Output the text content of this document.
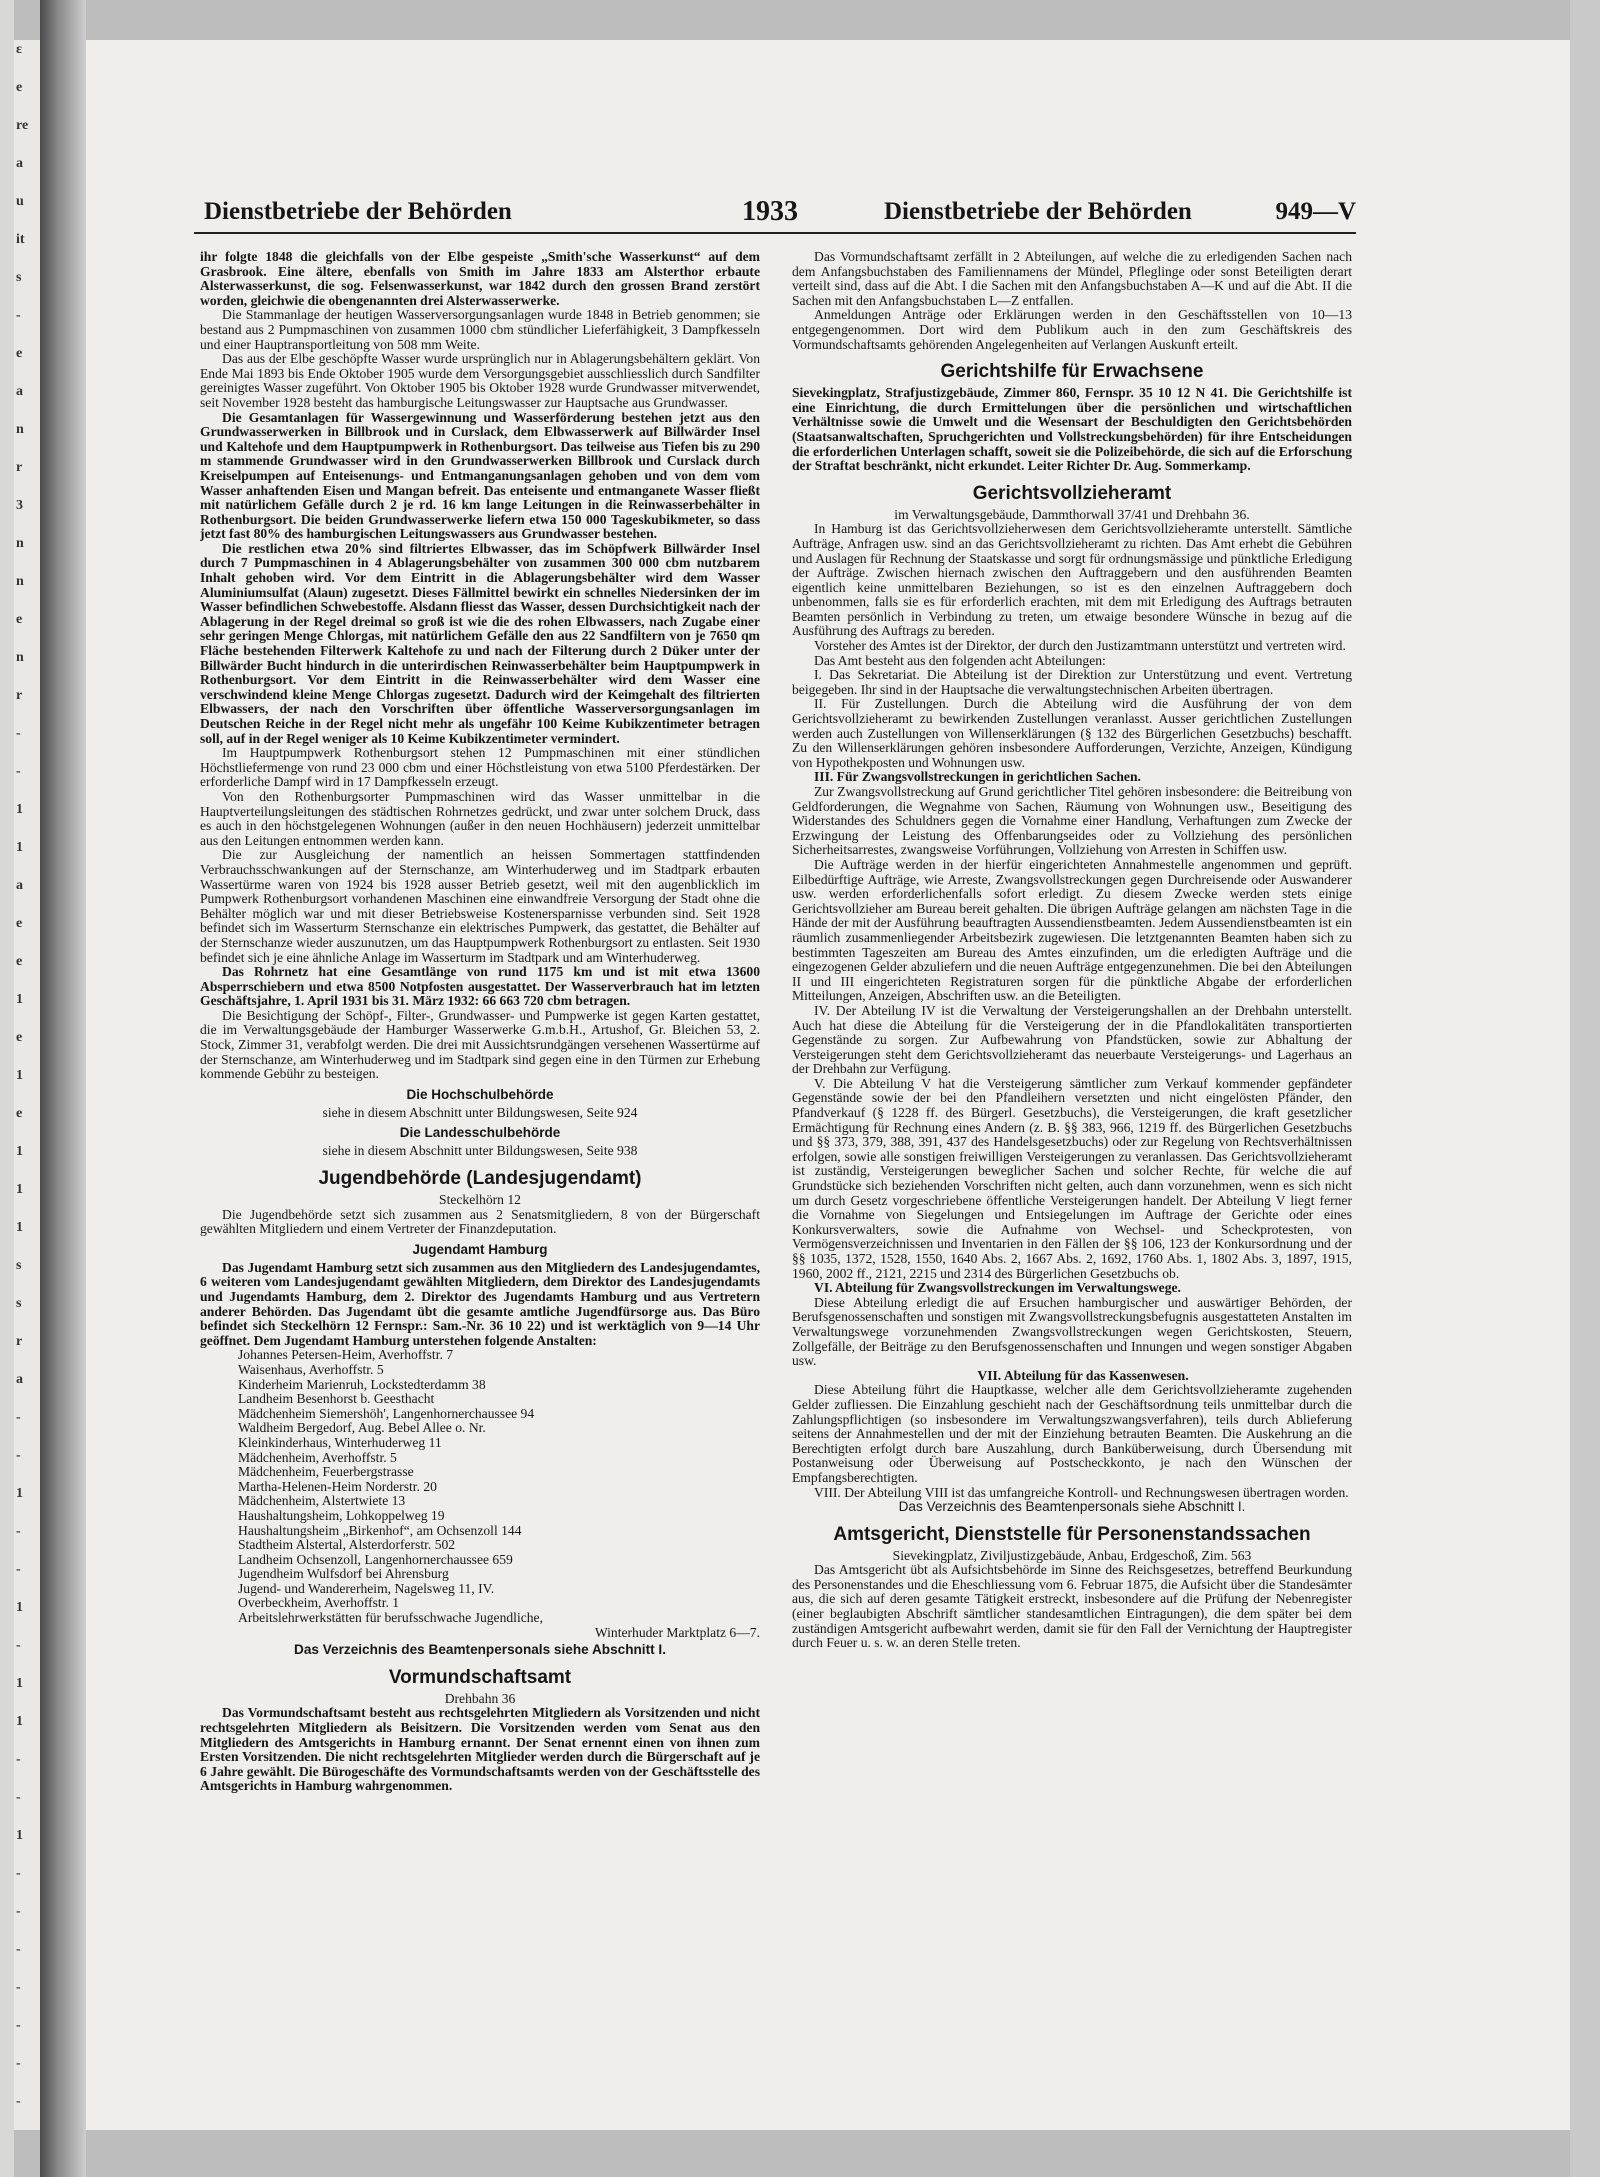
ε
e
re
a
u
it
s
-
e
a
n
r
3
n
n
e
n
r
-
-
1
1
a
e
e
1
e
1
e
1
1
1
s
s
r
a
-
-
1
-
-
1
-
1
1
-
-
1
-
-
-
-
-
-
-
Dienstbetriebe der Behörden	1933	Dienstbetriebe der Behörden	949—V

ihr folgte 1848 die gleichfalls von der Elbe gespeiste „Smith'sche Wasserkunst“ auf dem Grasbrook. Eine ältere, ebenfalls von Smith im Jahre 1833 am Alsterthor erbaute Alsterwasserkunst, die sog. Felsenwasserkunst, war 1842 durch den grossen Brand zerstört worden, gleichwie die obengenannten drei Alsterwasserwerke.

Die Stammanlage der heutigen Wasserversorgungsanlagen wurde 1848 in Betrieb genommen; sie bestand aus 2 Pumpmaschinen von zusammen 1000 cbm stündlicher Lieferfähigkeit, 3 Dampfkesseln und einer Hauptransportleitung von 508 mm Weite.

Das aus der Elbe geschöpfte Wasser wurde ursprünglich nur in Ablagerungsbehältern geklärt. Von Ende Mai 1893 bis Ende Oktober 1905 wurde dem Versorgungsgebiet ausschliesslich durch Sandfilter gereinigtes Wasser zugeführt. Von Oktober 1905 bis Oktober 1928 wurde Grundwasser mitverwendet, seit November 1928 besteht das hamburgische Leitungswasser zur Hauptsache aus Grundwasser.

Die Gesamtanlagen für Wassergewinnung und Wasserförderung bestehen jetzt aus den Grundwasserwerken in Billbrook und in Curslack, dem Elbwasserwerk auf Billwärder Insel und Kaltehofe und dem Hauptpumpwerk in Rothenburgsort. Das teilweise aus Tiefen bis zu 290 m stammende Grundwasser wird in den Grundwasserwerken Billbrook und Curslack durch Kreiselpumpen auf Enteisenungs- und Entmanganungsanlagen gehoben und von dem vom Wasser anhaftenden Eisen und Mangan befreit. Das enteisente und entmanganete Wasser fließt mit natürlichem Gefälle durch 2 je rd. 16 km lange Leitungen in die Reinwasserbehälter in Rothenburgsort. Die beiden Grundwasserwerke liefern etwa 150 000 Tageskubikmeter, so dass jetzt fast 80% des hamburgischen Leitungswassers aus Grundwasser bestehen.

Die restlichen etwa 20% sind filtriertes Elbwasser, das im Schöpfwerk Billwärder Insel durch 7 Pumpmaschinen in 4 Ablagerungsbehälter von zusammen 300 000 cbm nutzbarem Inhalt gehoben wird. Vor dem Eintritt in die Ablagerungsbehälter wird dem Wasser Aluminiumsulfat (Alaun) zugesetzt. Dieses Fällmittel bewirkt ein schnelles Niedersinken der im Wasser befindlichen Schwebestoffe. Alsdann fliesst das Wasser, dessen Durchsichtigkeit nach der Ablagerung in der Regel dreimal so groß ist wie die des rohen Elbwassers, nach Zugabe einer sehr geringen Menge Chlorgas, mit natürlichem Gefälle den aus 22 Sandfiltern von je 7650 qm Fläche bestehenden Filterwerk Kaltehofe zu und nach der Filterung durch 2 Düker unter der Billwärder Bucht hindurch in die unterirdischen Reinwasserbehälter beim Hauptpumpwerk in Rothenburgsort. Vor dem Eintritt in die Reinwasserbehälter wird dem Wasser eine verschwindend kleine Menge Chlorgas zugesetzt. Dadurch wird der Keimgehalt des filtrierten Elbwassers, der nach den Vorschriften über öffentliche Wasserversorgungsanlagen im Deutschen Reiche in der Regel nicht mehr als ungefähr 100 Keime Kubikzentimeter betragen soll, auf in der Regel weniger als 10 Keime Kubikzentimeter vermindert.

Im Hauptpumpwerk Rothenburgsort stehen 12 Pumpmaschinen mit einer stündlichen Höchstliefermenge von rund 23 000 cbm und einer Höchstleistung von etwa 5100 Pferdestärken. Der erforderliche Dampf wird in 17 Dampfkesseln erzeugt.

Von den Rothenburgsorter Pumpmaschinen wird das Wasser unmittelbar in die Hauptverteilungsleitungen des städtischen Rohrnetzes gedrückt, und zwar unter solchem Druck, dass es auch in den höchstgelegenen Wohnungen (außer in den neuen Hochhäusern) jederzeit unmittelbar aus den Leitungen entnommen werden kann.

Die zur Ausgleichung der namentlich an heissen Sommertagen stattfindenden Verbrauchsschwankungen auf der Sternschanze, am Winterhuderweg und im Stadtpark erbauten Wassertürme waren von 1924 bis 1928 ausser Betrieb gesetzt, weil mit den augenblicklich im Pumpwerk Rothenburgsort vorhandenen Maschinen eine einwandfreie Versorgung der Stadt ohne die Behälter möglich war und mit dieser Betriebsweise Kostenersparnisse verbunden sind. Seit 1928 befindet sich im Wasserturm Sternschanze ein elektrisches Pumpwerk, das gestattet, die Behälter auf der Sternschanze wieder auszunutzen, um das Hauptpumpwerk Rothenburgsort zu entlasten. Seit 1930 befindet sich je eine ähnliche Anlage im Wasserturm im Stadtpark und am Winterhuderweg.

Das Rohrnetz hat eine Gesamtlänge von rund 1175 km und ist mit etwa 13600 Absperrschiebern und etwa 8500 Notpfosten ausgestattet. Der Wasserverbrauch hat im letzten Geschäftsjahre, 1. April 1931 bis 31. März 1932: 66 663 720 cbm betragen.

Die Besichtigung der Schöpf-, Filter-, Grundwasser- und Pumpwerke ist gegen Karten gestattet, die im Verwaltungsgebäude der Hamburger Wasserwerke G.m.b.H., Artushof, Gr. Bleichen 53, 2. Stock, Zimmer 31, verabfolgt werden. Die drei mit Aussichtsrundgängen versehenen Wassertürme auf der Sternschanze, am Winterhuderweg und im Stadtpark sind gegen eine in den Türmen zur Erhebung kommende Gebühr zu besteigen.

Die Hochschulbehörde
siehe in diesem Abschnitt unter Bildungswesen, Seite 924
Die Landesschulbehörde
siehe in diesem Abschnitt unter Bildungswesen, Seite 938
Jugendbehörde (Landesjugendamt)
Steckelhörn 12

Die Jugendbehörde setzt sich zusammen aus 2 Senatsmitgliedern, 8 von der Bürgerschaft gewählten Mitgliedern und einem Vertreter der Finanzdeputation.

Jugendamt Hamburg

Das Jugendamt Hamburg setzt sich zusammen aus den Mitgliedern des Landesjugendamtes, 6 weiteren vom Landesjugendamt gewählten Mitgliedern, dem Direktor des Landesjugendamts und Jugendamts Hamburg, dem 2. Direktor des Jugendamts Hamburg und aus Vertretern anderer Behörden. Das Jugendamt übt die gesamte amtliche Jugendfürsorge aus. Das Büro befindet sich Steckelhörn 12 Fernspr.: Sam.-Nr. 36 10 22) und ist werktäglich von 9—14 Uhr geöffnet. Dem Jugendamt Hamburg unterstehen folgende Anstalten:

Johannes Petersen-Heim, Averhoffstr. 7
Waisenhaus, Averhoffstr. 5
Kinderheim Marienruh, Lockstedterdamm 38
Landheim Besenhorst b. Geesthacht
Mädchenheim Siemershöh', Langenhornerchaussee 94
Waldheim Bergedorf, Aug. Bebel Allee o. Nr.
Kleinkinderhaus, Winterhuderweg 11
Mädchenheim, Averhoffstr. 5
Mädchenheim, Feuerbergstrasse
Martha-Helenen-Heim Norderstr. 20
Mädchenheim, Alstertwiete 13
Haushaltungsheim, Lohkoppelweg 19
Haushaltungsheim „Birkenhof“, am Ochsenzoll 144
Stadtheim Alstertal, Alsterdorferstr. 502
Landheim Ochsenzoll, Langenhornerchaussee 659
Jugendheim Wulfsdorf bei Ahrensburg
Jugend- und Wandererheim, Nagelsweg 11, IV.
Overbeckheim, Averhoffstr. 1
Arbeitslehrwerkstätten für berufsschwache Jugendliche,
Winterhuder Marktplatz 6—7.
Das Verzeichnis des Beamtenpersonals siehe Abschnitt I.
Vormundschaftsamt
Drehbahn 36

Das Vormundschaftsamt besteht aus rechtsgelehrten Mitgliedern als Vorsitzenden und nicht rechtsgelehrten Mitgliedern als Beisitzern. Die Vorsitzenden werden vom Senat aus den Mitgliedern des Amtsgerichts in Hamburg ernannt. Der Senat ernennt einen von ihnen zum Ersten Vorsitzenden. Die nicht rechtsgelehrten Mitglieder werden durch die Bürgerschaft auf je 6 Jahre gewählt. Die Bürogeschäfte des Vormundschaftsamts werden von der Geschäftsstelle des Amtsgerichts in Hamburg wahrgenommen.

Das Vormundschaftsamt zerfällt in 2 Abteilungen, auf welche die zu erledigenden Sachen nach dem Anfangsbuchstaben des Familiennamens der Mündel, Pfleglinge oder sonst Beteiligten derart verteilt sind, dass auf die Abt. I die Sachen mit den Anfangsbuchstaben A—K und auf die Abt. II die Sachen mit den Anfangsbuchstaben L—Z entfallen.

Anmeldungen Anträge oder Erklärungen werden in den Geschäftsstellen von 10—13 entgegengenommen. Dort wird dem Publikum auch in den zum Geschäftskreis des Vormundschaftsamts gehörenden Angelegenheiten auf Verlangen Auskunft erteilt.

Gerichtshilfe für Erwachsene

Sievekingplatz, Strafjustizgebäude, Zimmer 860, Fernspr. 35 10 12 N 41. Die Gerichtshilfe ist eine Einrichtung, die durch Ermittelungen über die persönlichen und wirtschaftlichen Verhältnisse sowie die Umwelt und die Wesensart der Beschuldigten den Gerichtsbehörden (Staatsanwaltschaften, Spruchgerichten und Vollstreckungsbehörden) für ihre Entscheidungen die erforderlichen Unterlagen schafft, soweit sie die Polizeibehörde, die sich auf die Erforschung der Straftat beschränkt, nicht erkundet. Leiter Richter Dr. Aug. Sommerkamp.

Gerichtsvollzieheramt
im Verwaltungsgebäude, Dammthorwall 37/41 und Drehbahn 36.

In Hamburg ist das Gerichtsvollzieherwesen dem Gerichtsvollzieheramte unterstellt. Sämtliche Aufträge, Anfragen usw. sind an das Gerichtsvollzieheramt zu richten. Das Amt erhebt die Gebühren und Auslagen für Rechnung der Staatskasse und sorgt für ordnungsmässige und pünktliche Erledigung der Aufträge. Zwischen hiernach zwischen den Auftraggebern und den ausführenden Beamten eigentlich keine unmittelbaren Beziehungen, so ist es den einzelnen Auftraggebern doch unbenommen, falls sie es für erforderlich erachten, mit dem mit Erledigung des Auftrags betrauten Beamten persönlich in Verbindung zu treten, um etwaige besondere Wünsche in bezug auf die Ausführung des Auftrags zu bereden.

Vorsteher des Amtes ist der Direktor, der durch den Justizamtmann unterstützt und vertreten wird.

Das Amt besteht aus den folgenden acht Abteilungen:

I. Das Sekretariat. Die Abteilung ist der Direktion zur Unterstützung und event. Vertretung beigegeben. Ihr sind in der Hauptsache die verwaltungstechnischen Arbeiten übertragen.

II. Für Zustellungen. Durch die Abteilung wird die Ausführung der von dem Gerichtsvollzieheramt zu bewirkenden Zustellungen veranlasst. Ausser gerichtlichen Zustellungen werden auch Zustellungen von Willenserklärungen (§ 132 des Bürgerlichen Gesetzbuchs) beschafft. Zu den Willenserklärungen gehören insbesondere Aufforderungen, Verzichte, Anzeigen, Kündigung von Hypothekposten und Wohnungen usw.

III. Für Zwangsvollstreckungen in gerichtlichen Sachen.

Zur Zwangsvollstreckung auf Grund gerichtlicher Titel gehören insbesondere: die Beitreibung von Geldforderungen, die Wegnahme von Sachen, Räumung von Wohnungen usw., Beseitigung des Widerstandes des Schuldners gegen die Vornahme einer Handlung, Verhaftungen zum Zwecke der Erzwingung der Leistung des Offenbarungseides oder zu Vollziehung des persönlichen Sicherheitsarrestes, zwangsweise Vorführungen, Vollziehung von Arresten in Schiffen usw.

Die Aufträge werden in der hierfür eingerichteten Annahmestelle angenommen und geprüft. Eilbedürftige Aufträge, wie Arreste, Zwangsvollstreckungen gegen Durchreisende oder Auswanderer usw. werden erforderlichenfalls sofort erledigt. Zu diesem Zwecke werden stets einige Gerichtsvollzieher am Bureau bereit gehalten. Die übrigen Aufträge gelangen am nächsten Tage in die Hände der mit der Ausführung beauftragten Aussendienstbeamten. Jedem Aussendienstbeamten ist ein räumlich zusammenliegender Arbeitsbezirk zugewiesen. Die letztgenannten Beamten haben sich zu bestimmten Tageszeiten am Bureau des Amtes einzufinden, um die erledigten Aufträge und die eingezogenen Gelder abzuliefern und die neuen Aufträge entgegenzunehmen. Die bei den Abteilungen II und III eingerichteten Registraturen sorgen für die pünktliche Abgabe der erforderlichen Mitteilungen, Anzeigen, Abschriften usw. an die Beteiligten.

IV. Der Abteilung IV ist die Verwaltung der Versteigerungshallen an der Drehbahn unterstellt. Auch hat diese die Abteilung für die Versteigerung der in die Pfandlokalitäten transportierten Gegenstände zu sorgen. Zur Aufbewahrung von Pfandstücken, sowie zur Abhaltung der Versteigerungen steht dem Gerichtsvollzieheramt das neuerbaute Versteigerungs- und Lagerhaus an der Drehbahn zur Verfügung.

V. Die Abteilung V hat die Versteigerung sämtlicher zum Verkauf kommender gepfändeter Gegenstände sowie der bei den Pfandleihern versetzten und nicht eingelösten Pfänder, den Pfandverkauf (§ 1228 ff. des Bürgerl. Gesetzbuchs), die Versteigerungen, die kraft gesetzlicher Ermächtigung für Rechnung eines Andern (z. B. §§ 383, 966, 1219 ff. des Bürgerlichen Gesetzbuchs und §§ 373, 379, 388, 391, 437 des Handelsgesetzbuchs) oder zur Regelung von Rechtsverhältnissen erfolgen, sowie alle sonstigen freiwilligen Versteigerungen zu veranlassen. Das Gerichtsvollzieheramt ist zuständig, Versteigerungen beweglicher Sachen und solcher Rechte, für welche die auf Grundstücke sich beziehenden Vorschriften nicht gelten, auch dann vorzunehmen, wenn es sich nicht um durch Gesetz vorgeschriebene öffentliche Versteigerungen handelt. Der Abteilung V liegt ferner die Vornahme von Siegelungen und Entsiegelungen im Auftrage der Gerichte oder eines Konkursverwalters, sowie die Aufnahme von Wechsel- und Scheckprotesten, von Vermögensverzeichnissen und Inventarien in den Fällen der §§ 106, 123 der Konkursordnung und der §§ 1035, 1372, 1528, 1550, 1640 Abs. 2, 1667 Abs. 2, 1692, 1760 Abs. 1, 1802 Abs. 3, 1897, 1915, 1960, 2002 ff., 2121, 2215 und 2314 des Bürgerlichen Gesetzbuchs ob.

VI. Abteilung für Zwangsvollstreckungen im Verwaltungswege.

Diese Abteilung erledigt die auf Ersuchen hamburgischer und auswärtiger Behörden, der Berufsgenossenschaften und sonstigen mit Zwangsvollstreckungsbefugnis ausgestatteten Anstalten im Verwaltungswege vorzunehmenden Zwangsvollstreckungen wegen Gerichtskosten, Steuern, Zollgefälle, der Beiträge zu den Berufsgenossenschaften und Innungen und wegen sonstiger Abgaben usw.

VII. Abteilung für das Kassenwesen.

Diese Abteilung führt die Hauptkasse, welcher alle dem Gerichtsvollzieheramte zugehenden Gelder zufliessen. Die Einzahlung geschieht nach der Geschäftsordnung teils unmittelbar durch die Zahlungspflichtigen (so insbesondere im Verwaltungszwangsverfahren), teils durch Ablieferung seitens der Annahmestellen und der mit der Einziehung betrauten Beamten. Die Auskehrung an die Berechtigten erfolgt durch bare Auszahlung, durch Banküberweisung, durch Übersendung mit Postanweisung oder Überweisung auf Postscheckkonto, je nach den Wünschen der Empfangsberechtigten.

VIII. Der Abteilung VIII ist das umfangreiche Kontroll- und Rechnungswesen übertragen worden.

Das Verzeichnis des Beamtenpersonals siehe Abschnitt I.
Amtsgericht, Dienststelle für Personenstandssachen
Sievekingplatz, Ziviljustizgebäude, Anbau, Erdgeschoß, Zim. 563

Das Amtsgericht übt als Aufsichtsbehörde im Sinne des Reichsgesetzes, betreffend Beurkundung des Personenstandes und die Eheschliessung vom 6. Februar 1875, die Aufsicht über die Standesämter aus, die sich auf deren gesamte Tätigkeit erstreckt, insbesondere auf die Prüfung der Nebenregister (einer beglaubigten Abschrift sämtlicher standesamtlichen Eintragungen), die dem später bei dem zuständigen Amtsgericht aufbewahrt werden, damit sie für den Fall der Vernichtung der Hauptregister durch Feuer u. s. w. an deren Stelle treten.
